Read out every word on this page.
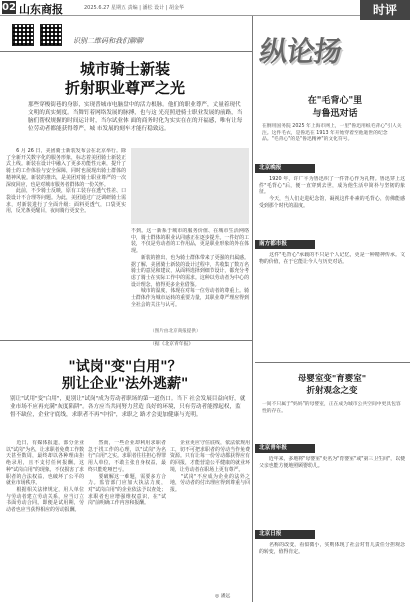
02 山东商报	2025.6.27 星期五 责编 | 潘松 设计 | 胡金华	时评
识别二维码和我们聊聊
城市骑士新装
折射职业尊严之光
那些穿梭街巷的身影，实现普城市电脑盘中的活力根脉。他们的职业尊严，丈量着现代文明的真实刻度。当舞钉着网络发展的脉搏，也与这 光亮照进骑士职业发展的前路，当脑们帮权规握的时间运计时，当尔试业体 面的商务时化为实实在在的开福感，唯有让每位劳动者都能获得尊严，城 市发展的刻车才能行稳致远。
　　6 月 26 日，美团骑士新装发布会在北京举行。除了全新开关数字化的服务形象，标志着美团骑士新装正式上线。新装在设计中融入了更多功能性元素，提升了骑士的工作体验与安全保障，同时也展现出骑士群体的精神风貌。新装的推出，是美团对骑士职业尊严的一次深度回应，也是对城市服务者群体的一份关怀。
　　此前，不少骑士反映，原有工装存在透气性差、口袋设计不合理等问题。为此，美团通过广泛调研骑士需求，对新装进行了全面升级：面料更透气，口袋更实用，反光条更醒目，夜间骑行更安全。
不到。这一新系于城市的服务价值、在城市生活网络中，骑士群体的职业认同感正在逐步提升。一件好的工装，不仅是劳动者的工作用品，更是职业形象的外在体现。
　　新装的推出，也为骑士群体带来了更强的归属感。据了解，美团骑士新装的设计过程中，共收集了数万名骑士的意见和建议，从面料选择到细节设计，都充分考虑了骑士在实际工作中的需求。这种以劳动者为中心的设计理念，值得更多企业借鉴。
　　城市的温度，体现在对每一位劳动者的尊重上。骑士群体作为城市运转的重要力量，其职业尊严理应得到全社会的关注与认可。
（图片由北京商报提供）
"试岗"变"白用"？
别让企业"法外逃薪"
别让"试用"变"白用"，更别让"试岗"成为劳动者职场的第一道伤口。当下 社会发展目益向好，就业市场不应再充满"灰度陷阱"。各方应当共同努力营造 良好的环境，只有劳动者能撑起权，监督不缺位，企业守底线，求职者不再"中招"，求职之 路才会更加健康与光明。
　　近日，有媒体报道，部分企业以"试岗"为名，让求职者免费工作数天甚至数周，最终却以各种理由拒绝录用，且不支付任何报酬。这种"试岗白用"的现象，不仅损害了求职者的合法权益，也破坏了公平的就业市场秩序。
　　根据相关法律规定，用人单位与劳动者建立劳动关系，应当订立书面劳动合同。即便是试用期，劳动者也应当获得相应的劳动报酬。
　　然而，一些企业却利用求职者急于找工作的心理，以"试岗"为名行"白用"之实。求职者往往担心得罪用人单位，不敢主张自身权益，最终只能吃哑巴亏。
　　要破解这一难题，需要多方合力。监管部门应加大执法力度，对"试岗白用"的企业依法予以查处；求职者也应增强维权意识，在"试岗"前明确工作内容和报酬。
　　企业更应守住底线，依法依规用工，切不可把求职者的劳动当作免费资源。只有让每一份劳动都获得应有的回报，才能营造公平健康的就业环境，让劳动者在职场上更有尊严。
　　"试岗"不应成为企业的法外之地，劳动者的付出理应得到尊重与回报。
（据《北京青年报》
◎ 潘远
纵论扬
在"毛背心"里
与鲁迅对话
在倒用国务院 2025 年上海市网上，一里"鲁迅用纸毛背心"引人关注。这件毛衣，是鲁迅在 1913 年开始穿着至他逝世的纪念品。"毛背心"的是"鲁迅精神"的文化符号。
北京晚报
　　1920 年，许广平为鲁迅织了一件背心作为礼物。鲁迅穿上这件"毛背心"后，便一直穿到去世，成为他生活中简朴与坚韧的象征。
　　今天，当人们走进纪念馆，凝视这件朴素的毛背心，仿佛能感受到那个时代的温度。
南方都市报
　　这件"毛背心"承载的不只是个人记忆，更是一种精神传承。文物的价值，在于它能让今人与历史对话。
母婴室变"育婴室"
折射观念之变
一间不只属于"妈妈"的母婴室，正在成为城市公共空间中更具包容性的存在。
北京青年报
　　近年来，多地将"母婴室"更名为"育婴室"或"第三卫生间"，以便父亲也能方便地照顾婴幼儿。
北京日报
　　名称的改变，看似微小，实则体现了社会对育儿责任分担观念的转变，值得肯定。
